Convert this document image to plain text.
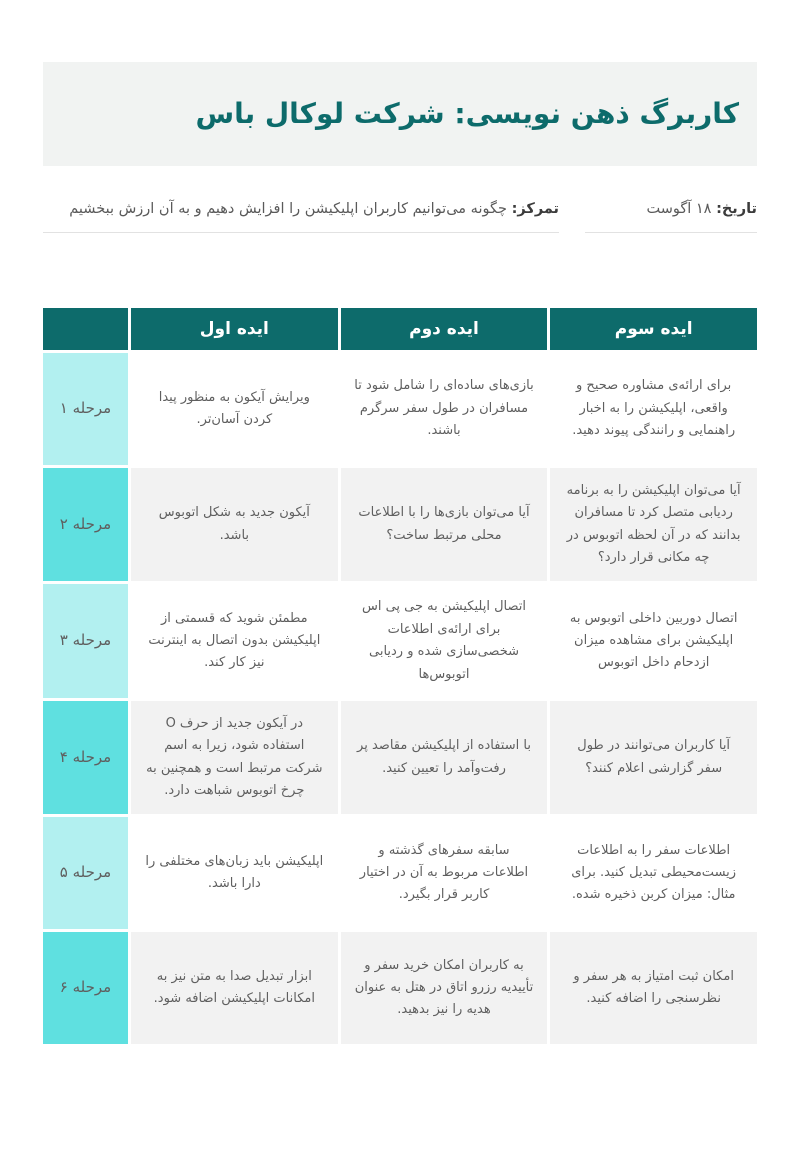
کاربرگ ذهن نویسی: شرکت لوکال باس
تاریخ: ۱۸ آگوست
تمرکز: چگونه می‌توانیم کاربران اپلیکیشن را افزایش دهیم و به آن ارزش ببخشیم
ایده سوم
ایده دوم
ایده اول
برای ارائه‌ی مشاوره صحیح و واقعی، اپلیکیشن را به اخبار راهنمایی و رانندگی پیوند دهید.
بازی‌های ساده‌ای را شامل شود تا مسافران در طول سفر سرگرم باشند.
ویرایش آیکون به منظور پیدا کردن آسان‌تر.
مرحله ۱
آیا می‌توان اپلیکیشن را به برنامه ردیابی متصل کرد تا مسافران بدانند که در آن لحظه اتوبوس در چه مکانی قرار دارد؟
آیا می‌توان بازی‌ها را با اطلاعات محلی مرتبط ساخت؟
آیکون جدید به شکل اتوبوس باشد.
مرحله ۲
اتصال دوربین داخلی اتوبوس به اپلیکیشن برای مشاهده میزان ازدحام داخل اتوبوس
اتصال اپلیکیشن به جی پی اس برای ارائه‌ی اطلاعات شخصی‌سازی شده و ردیابی اتوبوس‌ها
مطمئن شوید که قسمتی از اپلیکیشن بدون اتصال به اینترنت نیز کار کند.
مرحله ۳
آیا کاربران می‌توانند در طول سفر گزارشی اعلام کنند؟
با استفاده از اپلیکیشن مقاصد پر رفت‌وآمد را تعیین کنید.
در آیکون جدید از حرف O استفاده شود، زیرا به اسم شرکت مرتبط است و همچنین به چرخ اتوبوس شباهت دارد.
مرحله ۴
اطلاعات سفر را به اطلاعات زیست‌محیطی تبدیل کنید. برای مثال: میزان کربن ذخیره شده.
سابقه سفرهای گذشته و اطلاعات مربوط به آن در اختیار کاربر قرار بگیرد.
اپلیکیشن باید زبان‌های مختلفی را دارا باشد.
مرحله ۵
امکان ثبت امتیاز به هر سفر و نظرسنجی را اضافه کنید.
به کاربران امکان خرید سفر و تأییدیه رزرو اتاق در هتل به عنوان هدیه را نیز بدهید.
ابزار تبدیل صدا به متن نیز به امکانات اپلیکیشن اضافه شود.
مرحله ۶
